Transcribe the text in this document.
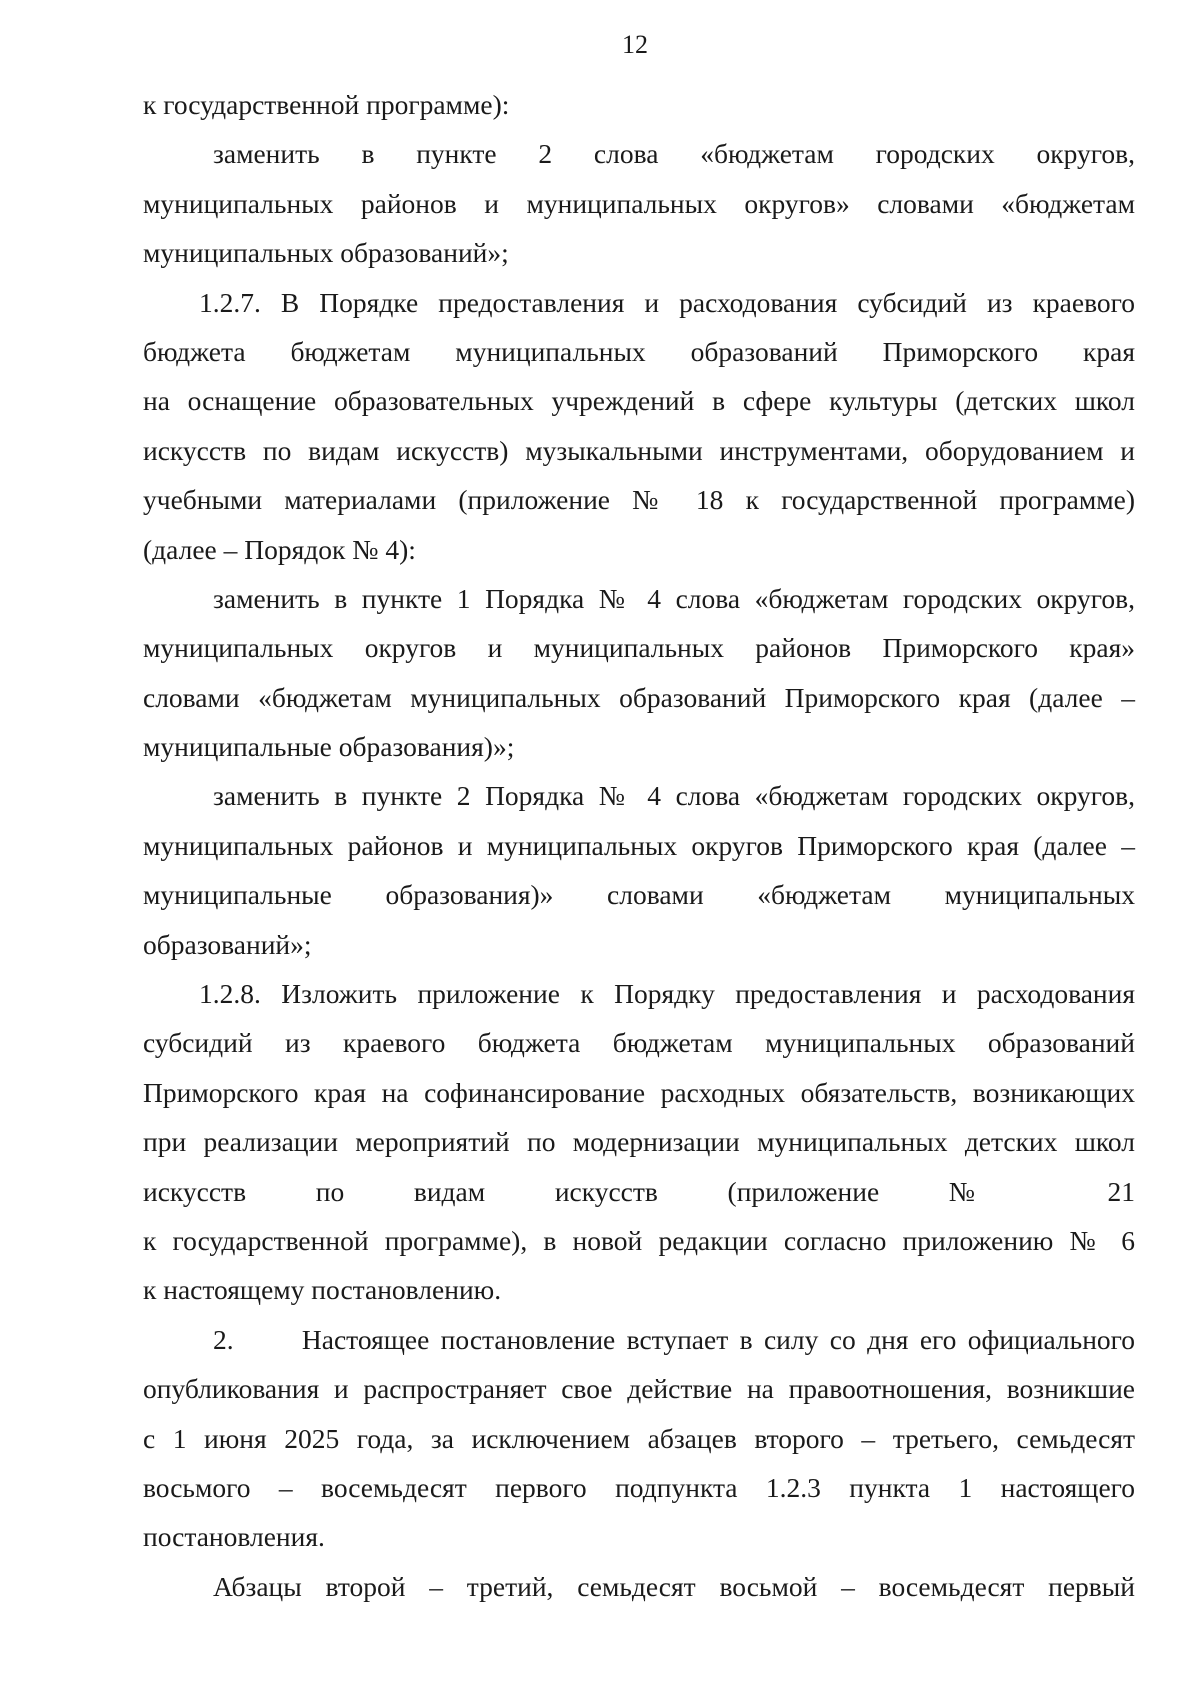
12
к государственной программе):
заменить в пункте 2 слова «бюджетам городских округов,
муниципальных районов и муниципальных округов» словами «бюджетам
муниципальных образований»;
1.2.7. В Порядке предоставления и расходования субсидий из краевого
бюджета бюджетам муниципальных образований Приморского края
на оснащение образовательных учреждений в сфере культуры (детских школ
искусств по видам искусств) музыкальными инструментами, оборудованием и
учебными материалами (приложение № 18 к государственной программе)
(далее – Порядок № 4):
заменить в пункте 1 Порядка № 4 слова «бюджетам городских округов,
муниципальных округов и муниципальных районов Приморского края»
словами «бюджетам муниципальных образований Приморского края (далее –
муниципальные образования)»;
заменить в пункте 2 Порядка № 4 слова «бюджетам городских округов,
муниципальных районов и муниципальных округов Приморского края (далее –
муниципальные образования)» словами «бюджетам муниципальных
образований»;
1.2.8. Изложить приложение к Порядку предоставления и расходования
субсидий из краевого бюджета бюджетам муниципальных образований
Приморского края на софинансирование расходных обязательств, возникающих
при реализации мероприятий по модернизации муниципальных детских школ
искусств по видам искусств (приложение № 21
к государственной программе), в новой редакции согласно приложению № 6
к настоящему постановлению.
2.      Настоящее постановление вступает в силу со дня его официального
опубликования и распространяет свое действие на правоотношения, возникшие
с 1 июня 2025 года, за исключением абзацев второго – третьего, семьдесят
восьмого – восемьдесят первого подпункта 1.2.3 пункта 1 настоящего
постановления.
Абзацы второй – третий, семьдесят восьмой – восемьдесят первый
